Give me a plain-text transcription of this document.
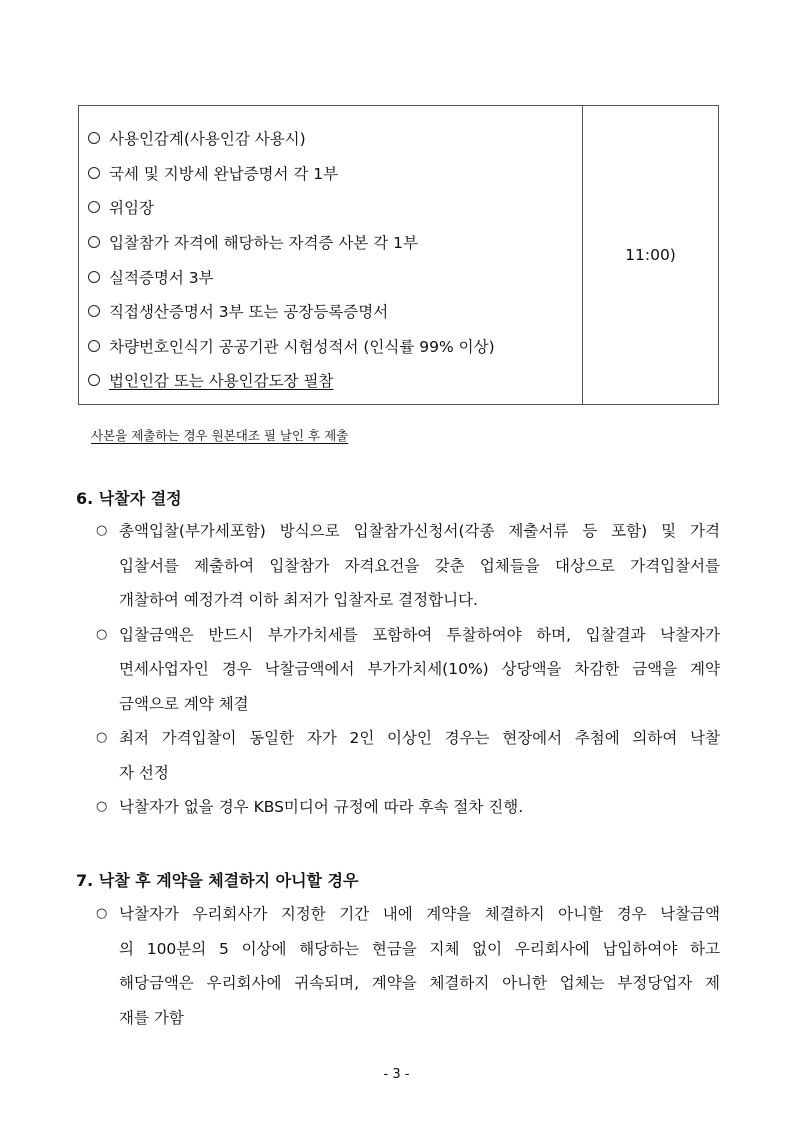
사용인감계(사용인감 사용시)
국세 및 지방세 완납증명서 각 1부
위임장
입찰참가 자격에 해당하는 자격증 사본 각 1부
실적증명서 3부
직접생산증명서 3부 또는 공장등록증명서
차량번호인식기 공공기관 시험성적서 (인식률 99% 이상)
법인인감 또는 사용인감도장 필참
11:00)
사본을 제출하는 경우 원본대조 필 날인 후 제출
6. 낙찰자 결정
○ 총액입찰(부가세포함) 방식으로 입찰참가신청서(각종 제출서류 등 포함) 및 가격
입찰서를 제출하여 입찰참가 자격요건을 갖춘 업체들을 대상으로 가격입찰서를
개찰하여 예정가격 이하 최저가 입찰자로 결정합니다.
○ 입찰금액은 반드시 부가가치세를 포함하여 투찰하여야 하며, 입찰결과 낙찰자가
면세사업자인 경우 낙찰금액에서 부가가치세(10%) 상당액을 차감한 금액을 계약
금액으로 계약 체결
○ 최저 가격입찰이 동일한 자가 2인 이상인 경우는 현장에서 추첨에 의하여 낙찰
자 선정
○ 낙찰자가 없을 경우 KBS미디어 규정에 따라 후속 절차 진행.
7. 낙찰 후 계약을 체결하지 아니할 경우
○ 낙찰자가 우리회사가 지정한 기간 내에 계약을 체결하지 아니할 경우 낙찰금액
의 100분의 5 이상에 해당하는 현금을 지체 없이 우리회사에 납입하여야 하고
해당금액은 우리회사에 귀속되며, 계약을 체결하지 아니한 업체는 부정당업자 제
재를 가함
- 3 -
